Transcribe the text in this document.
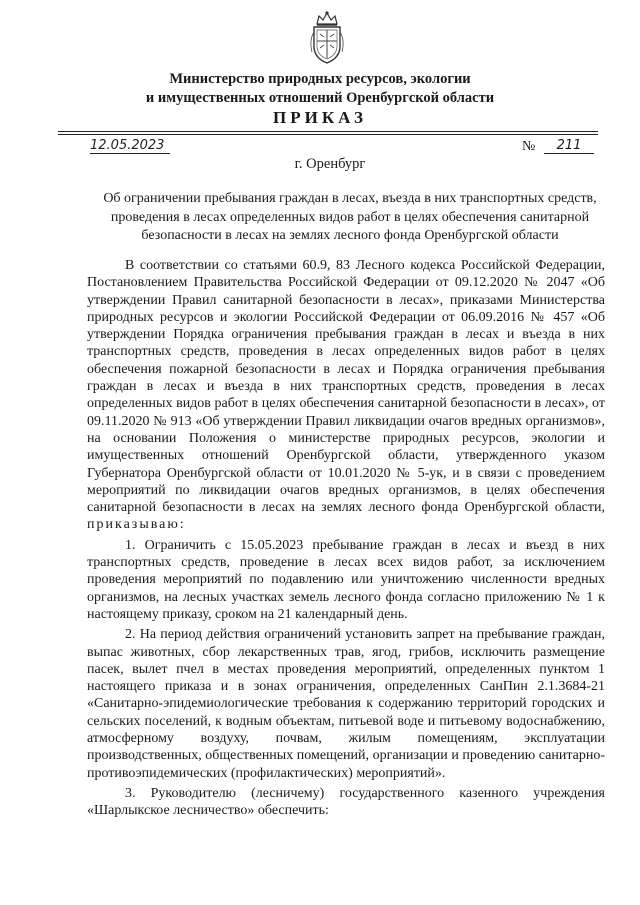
Министерство природных ресурсов, экологии
и имущественных отношений Оренбургской области
ПРИКАЗ
12.05.2023	№	211
г. Оренбург
Об ограничении пребывания граждан в лесах, въезда в них транспортных средств, проведения в лесах определенных видов работ в целях обеспечения санитарной безопасности в лесах на землях лесного фонда Оренбургской области

В соответствии со статьями 60.9, 83 Лесного кодекса Российской Федерации, Постановлением Правительства Российской Федерации от 09.12.2020 № 2047 «Об утверждении Правил санитарной безопасности в лесах», приказами Министерства природных ресурсов и экологии Российской Федерации от 06.09.2016 № 457 «Об утверждении Порядка ограничения пребывания граждан в лесах и въезда в них транспортных средств, проведения в лесах определенных видов работ в целях обеспечения пожарной безопасности в лесах и Порядка ограничения пребывания граждан в лесах и въезда в них транспортных средств, проведения в лесах определенных видов работ в целях обеспечения санитарной безопасности в лесах», от 09.11.2020 № 913 «Об утверждении Правил ликвидации очагов вредных организмов», на основании Положения о министерстве природных ресурсов, экологии и имущественных отношений Оренбургской области, утвержденного указом Губернатора Оренбургской области от 10.01.2020 № 5-ук, и в связи с проведением мероприятий по ликвидации очагов вредных организмов, в целях обеспечения санитарной безопасности в лесах на землях лесного фонда Оренбургской области, приказываю:

1. Ограничить с 15.05.2023 пребывание граждан в лесах и въезд в них транспортных средств, проведение в лесах всех видов работ, за исключением проведения мероприятий по подавлению или уничтожению численности вредных организмов, на лесных участках земель лесного фонда согласно приложению № 1 к настоящему приказу, сроком на 21 календарный день.

2. На период действия ограничений установить запрет на пребывание граждан, выпас животных, сбор лекарственных трав, ягод, грибов, исключить размещение пасек, вылет пчел в местах проведения мероприятий, определенных пунктом 1 настоящего приказа и в зонах ограничения, определенных СанПин 2.1.3684-21 «Санитарно-эпидемиологические требования к содержанию территорий городских и сельских поселений, к водным объектам, питьевой воде и питьевому водоснабжению, атмосферному воздуху, почвам, жилым помещениям, эксплуатации производственных, общественных помещений, организации и проведению санитарно-противоэпидемических (профилактических) мероприятий».

3. Руководителю (лесничему) государственного казенного учреждения «Шарлыкское лесничество» обеспечить:
